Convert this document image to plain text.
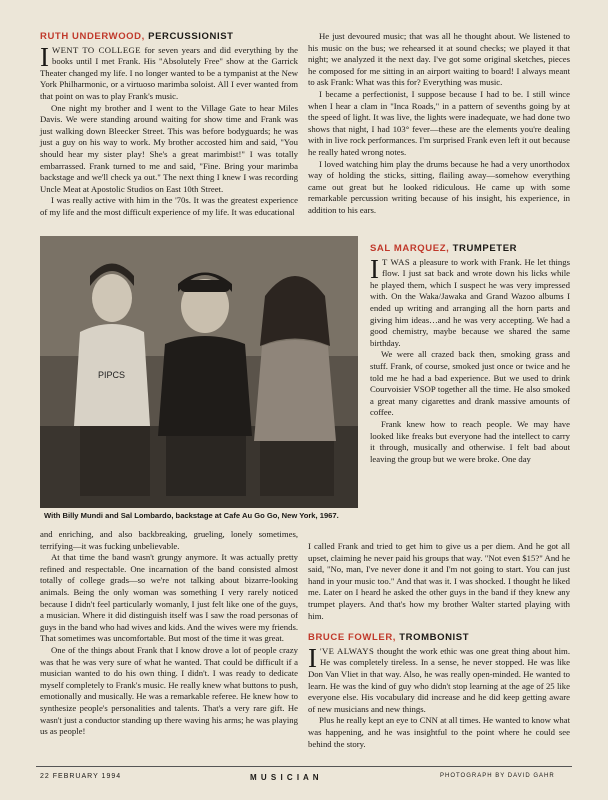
RUTH UNDERWOOD, PERCUSSIONIST

IWENT TO COLLEGE for seven years and did everything by the books until I met Frank. His "Absolutely Free" show at the Garrick Theater changed my life. I no longer wanted to be a tympanist at the New York Philharmonic, or a virtuoso marimba soloist. All I ever wanted from that point on was to play Frank's music.

One night my brother and I went to the Village Gate to hear Miles Davis. We were standing around waiting for show time and Frank was just walking down Bleecker Street. This was before bodyguards; he was just a guy on his way to work. My brother accosted him and said, "You should hear my sister play! She's a great marimbist!" I was totally embarrassed. Frank turned to me and said, "Fine. Bring your marimba backstage and we'll check ya out." The next thing I knew I was recording Uncle Meat at Apostolic Studios on East 10th Street.

I was really active with him in the '70s. It was the greatest experience of my life and the most difficult experience of my life. It was educational

He just devoured music; that was all he thought about. We listened to his music on the bus; we rehearsed it at sound checks; we played it that night; we analyzed it the next day. I've got some original sketches, pieces he composed for me sitting in an airport waiting to board! I always meant to ask Frank: What was this for? Everything was music.

I became a perfectionist, I suppose because I had to be. I still wince when I hear a clam in "Inca Roads," in a pattern of sevenths going by at the speed of light. It was live, the lights were inadequate, we had done two shows that night, I had 103° fever—these are the elements you're dealing with in live rock performances. I'm surprised Frank even left it out because he really hated wrong notes.

I loved watching him play the drums because he had a very unorthodox way of holding the sticks, sitting, flailing away—somehow everything came out great but he looked ridiculous. He came up with some remarkable percussion writing because of his insight, his experience, in addition to his ears.

PIPCS
With Billy Mundi and Sal Lombardo, backstage at Cafe Au Go Go, New York, 1967.
SAL MARQUEZ, TRUMPETER

I T WAS a pleasure to work with Frank. He let things flow. I just sat back and wrote down his licks while he played them, which I suspect he was very impressed with. On the Waka/Jawaka and Grand Wazoo albums I ended up writing and arranging all the horn parts and giving him ideas…and he was very accepting. We had a good chemistry, maybe because we shared the same birthday.

We were all crazed back then, smoking grass and stuff. Frank, of course, smoked just once or twice and he told me he had a bad experience. But we used to drink Courvoisier VSOP together all the time. He also smoked a great many cigarettes and drank massive amounts of coffee.

Frank knew how to reach people. We may have looked like freaks but everyone had the intellect to carry it through, musically and otherwise. I felt bad about leaving the group but we were broke. One day

and enriching, and also backbreaking, grueling, lonely sometimes, terrifying—it was fucking unbelievable.

At that time the band wasn't grungy anymore. It was actually pretty refined and respectable. One incarnation of the band consisted almost totally of college grads—so we're not talking about bizarre-looking animals. Being the only woman was something I very rarely noticed because I didn't feel particularly womanly, I just felt like one of the guys, a musician. Where it did distinguish itself was I saw the road personas of guys in the band who had wives and kids. And the wives were my friends. That sometimes was uncomfortable. But most of the time it was great.

One of the things about Frank that I know drove a lot of people crazy was that he was very sure of what he wanted. That could be difficult if a musician wanted to do his own thing. I didn't. I was ready to dedicate myself completely to Frank's music. He really knew what buttons to push, emotionally and musically. He was a remarkable referee. He knew how to synthesize people's personalities and talents. That's a very rare gift. He wasn't just a conductor standing up there waving his arms; he was playing us as people!

I called Frank and tried to get him to give us a per diem. And he got all upset, claiming he never paid his groups that way. "Not even $15?" And he said, "No, man, I've never done it and I'm not going to start. You can just hand in your music too." And that was it. I was shocked. I thought he liked me. Later on I heard he asked the other guys in the band if they knew any trumpet players. And that's how my brother Walter started playing with him.

BRUCE FOWLER, TROMBONIST

I 'VE ALWAYS thought the work ethic was one great thing about him. He was completely tireless. In a sense, he never stopped. He was like Don Van Vliet in that way. Also, he was really open-minded. He wanted to learn. He was the kind of guy who didn't stop learning at the age of 25 like everyone else. His vocabulary did increase and he did keep getting aware of new musicians and new things.

Plus he really kept an eye to CNN at all times. He wanted to know what was happening, and he was insightful to the point where he could see behind the story.

22 FEBRUARY 1994	M U S I C I A N	PHOTOGRAPH BY DAVID GAHR
